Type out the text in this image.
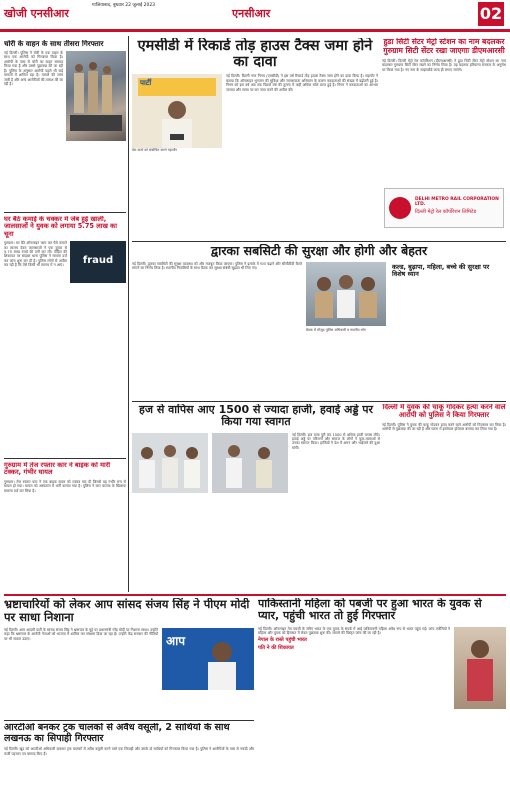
खोजी एनसीआर
गाजियाबाद, बुधवार 22 जुलाई 2023
एनसीआर	02
चोरी के वाहन के साथ तीसरा गिरफ्तार
नई दिल्ली। पुलिस ने चोरी के एक वाहन के साथ एक आरोपी को गिरफ्तार किया है। आरोपी के पास से चोरी का वाहन बरामद किया गया है और उससे पूछताछ की जा रही है। पुलिस के अनुसार आरोपी पहले भी कई मामलों में शामिल रहा है। मामले की जांच जारी है और अन्य आरोपियों की तलाश की जा रही है।
घर बैठे कमाई के चक्कर में जेब हुई खाली, जालसाजों ने युवक को लगाया 5.75 लाख का चूना
fraud
गुरुग्राम। घर बैठे ऑनलाइन काम कर पैसे कमाने का लालच देकर जालसाजों ने एक युवक से 5.75 लाख रुपये की ठगी कर ली। पीड़ित की शिकायत पर साइबर थाना पुलिस ने मामला दर्ज कर जांच शुरू कर दी है। पुलिस लोगों से अपील कर रही है कि ऐसे किसी भी लालच में न आएं।
गुरुग्राम में तेज रफ्तार कार ने बाइक को मारी टक्कर, गंभीर घायल
गुरुग्राम। तेज रफ्तार कार ने एक बाइक सवार को टक्कर मार दी जिससे वह गंभीर रूप से घायल हो गया। घायल को अस्पताल में भर्ती कराया गया है। पुलिस ने कार चालक के खिलाफ मामला दर्ज कर लिया है।
एमसीडी में रिकार्ड तोड़ हाउस टैक्स जमा होने का दावा
पार्टी
नई दिल्ली। दिल्ली नगर निगम (एमसीडी) ने इस वर्ष रिकार्ड तोड़ हाउस टैक्स जमा होने का दावा किया है। महापौर ने बताया कि ऑनलाइन भुगतान की सुविधा और जागरूकता अभियान के कारण करदाताओं की संख्या में बढ़ोतरी हुई है। निगम को इस वर्ष अब तक पिछले वर्ष की तुलना में कहीं अधिक राशि प्राप्त हुई है। निगम ने करदाताओं का आभार जताया और समय पर कर जमा करने की अपील की।
प्रेस वार्ता को संबोधित करते महापौर
हुडा सिटी सेंटर मेट्रो स्टेशन का नाम बदलकर गुरुग्राम सिटी सेंटर रखा जाएगाः डीएमआरसी
नई दिल्ली। दिल्ली मेट्रो रेल कॉर्पोरेशन (डीएमआरसी) ने हुडा सिटी सेंटर मेट्रो स्टेशन का नाम बदलकर गुरुग्राम सिटी सेंटर रखने का निर्णय लिया है। यह बदलाव हरियाणा सरकार के अनुरोध पर किया गया है। नए नाम के साइनबोर्ड जल्द ही लगाए जाएंगे।
DELHI METRO RAIL CORPORATION LTD.
दिल्ली मेट्रो रेल कॉर्पोरेशन लिमिटेड
द्वारका सबसिटी की सुरक्षा और होगी और बेहतर
नई दिल्ली। द्वारका सबसिटी की सुरक्षा व्यवस्था को और मजबूत किया जाएगा। पुलिस ने इलाके में गश्त बढ़ाने और सीसीटीवी कैमरे लगाने का निर्णय लिया है। स्थानीय निवासियों के साथ बैठक कर सुरक्षा संबंधी सुझाव भी लिए गए।	कल्ड, बुढ़ापा, महिला, बच्चे की सुरक्षा पर विशेष ध्यान
बैठक में मौजूद पुलिस अधिकारी व स्थानीय लोग
हज से वापिस आए 1500 से ज्यादा हाजी, हवाई अड्डे पर किया गया स्वागत
नई दिल्ली। हज यात्रा पूरी कर 1500 से अधिक हाजी वापस लौटे। हवाई अड्डे पर परिजनों और समाज के लोगों ने फूल-मालाओं से उनका स्वागत किया। हाजियों ने देश में अमन और भाईचारे की दुआ मांगी।
दिल्ली में युवक की चाकू गोदकर हत्या करने वाले आरोपी को पुलिस ने किया गिरफ्तार
नई दिल्ली। पुलिस ने युवक की चाकू गोदकर हत्या करने वाले आरोपी को गिरफ्तार कर लिया है। आरोपी से पूछताछ की जा रही है और घटना में इस्तेमाल हथियार बरामद कर लिया गया है।
भ्रष्टाचारियों को लेकर आप सांसद संजय सिंह ने पीएम मोदी पर साधा निशाना
आप
नई दिल्ली। आम आदमी पार्टी के सांसद संजय सिंह ने भ्रष्टाचार के मुद्दे पर प्रधानमंत्री नरेंद्र मोदी पर निशाना साधा। उन्होंने कहा कि भ्रष्टाचार के आरोपी नेताओं को भाजपा में शामिल कर संरक्षण दिया जा रहा है। उन्होंने केंद्र सरकार की नीतियों पर भी सवाल उठाए।
पाकिस्तानी महिला को पबजी पर हुआ भारत के युवक से प्यार, पहुंची भारत तो हुई गिरफ्तार
नई दिल्ली। ऑनलाइन गेम पबजी के जरिए भारत के एक युवक के संपर्क में आई पाकिस्तानी महिला अवैध रूप से भारत पहुंच गई। जांच एजेंसियों ने महिला और युवक को हिरासत में लेकर पूछताछ शुरू की। मामले की विस्तृत जांच की जा रही है।
नेपाल के रास्ते पहुंची भारत
पति ने की शिकायत
आरटीओ बनकर ट्रक चालकों से अवैध वसूली, 2 साथियों के साथ लखनऊ का सिपाही गिरफ्तार
नई दिल्ली। खुद को आरटीओ अधिकारी बताकर ट्रक चालकों से अवैध वसूली करने वाले एक सिपाही और उसके दो साथियों को गिरफ्तार किया गया है। पुलिस ने आरोपियों के पास से नकदी और फर्जी पहचान पत्र बरामद किए हैं।
